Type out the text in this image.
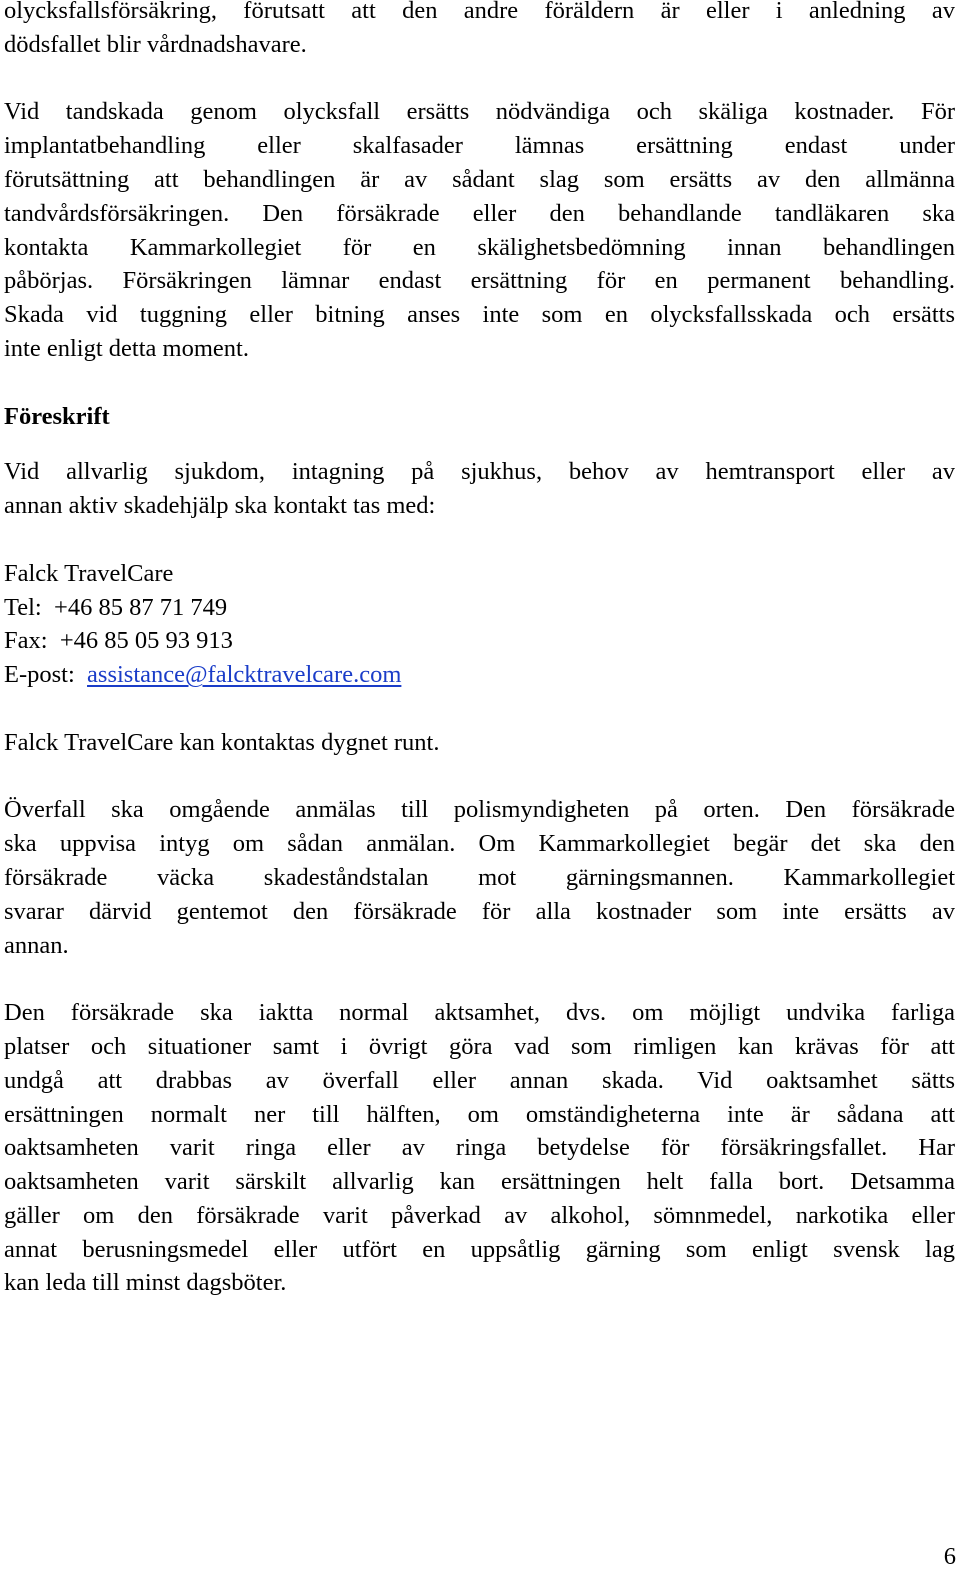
olycksfallsförsäkring, förutsatt att den andre föräldern är eller i anledning av
dödsfallet blir vårdnadshavare.

Vid tandskada genom olycksfall ersätts nödvändiga och skäliga kostnader. För
implantatbehandling eller skalfasader lämnas ersättning endast under
förutsättning att behandlingen är av sådant slag som ersätts av den allmänna
tandvårdsförsäkringen. Den försäkrade eller den behandlande tandläkaren ska
kontakta Kammarkollegiet för en skälighetsbedömning innan behandlingen
påbörjas. Försäkringen lämnar endast ersättning för en permanent behandling.
Skada vid tuggning eller bitning anses inte som en olycksfallsskada och ersätts
inte enligt detta moment.

Föreskrift

Vid allvarlig sjukdom, intagning på sjukhus, behov av hemtransport eller av
annan aktiv skadehjälp ska kontakt tas med:

Falck TravelCare
Tel: +46 85 87 71 749
Fax: +46 85 05 93 913
E-post: assistance@falcktravelcare.com

Falck TravelCare kan kontaktas dygnet runt.

Överfall ska omgående anmälas till polismyndigheten på orten. Den försäkrade
ska uppvisa intyg om sådan anmälan. Om Kammarkollegiet begär det ska den
försäkrade väcka skadeståndstalan mot gärningsmannen. Kammarkollegiet
svarar därvid gentemot den försäkrade för alla kostnader som inte ersätts av
annan.

Den försäkrade ska iaktta normal aktsamhet, dvs. om möjligt undvika farliga
platser och situationer samt i övrigt göra vad som rimligen kan krävas för att
undgå att drabbas av överfall eller annan skada. Vid oaktsamhet sätts
ersättningen normalt ner till hälften, om omständigheterna inte är sådana att
oaktsamheten varit ringa eller av ringa betydelse för försäkringsfallet. Har
oaktsamheten varit särskilt allvarlig kan ersättningen helt falla bort. Detsamma
gäller om den försäkrade varit påverkad av alkohol, sömnmedel, narkotika eller
annat berusningsmedel eller utfört en uppsåtlig gärning som enligt svensk lag
kan leda till minst dagsböter.

6
